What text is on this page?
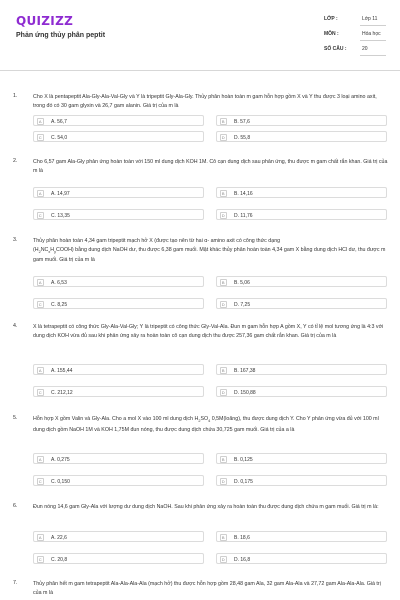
QUIZIZZ
Phản ứng thủy phân peptit
LỚP :	Lớp 11
MÔN :	Hóa học
SỐ CÂU :	20
1.	Cho X là pentapeptit Ala-Gly-Ala-Val-Gly và Y là tripeptit Gly-Ala-Gly. Thủy phân hoàn toàn m gam hỗn hợp gồm X và Y thu được 3 loại amino axit, trong đó có 30 gam glyxin và 26,7 gam alanin. Giá trị của m là
A	A. 56,7	B	B. 57,6
C	C. 54,0	D	D. 55,8
2.	Cho 6,57 gam Ala-Gly phản ứng hoàn toàn với 150 ml dung dịch KOH 1M. Cô cạn dung dịch sau phản ứng, thu được m gam chất rắn khan. Giá trị của m là
A	A. 14,97	B	B. 14,16
C	C. 13,35	D	D. 11,76
3.	Thủy phân hoàn toàn 4,34 gam tripeptit mạch hở X (được tạo nên từ hai α- amino axit có công thức dạng
$(H_2NC_xH_yCOOH)$ bằng dung dịch NaOH dư, thu được 6,38 gam muối. Mặt khác thủy phân hoàn toàn 4,34 gam X bằng dung dịch HCl dư, thu được m gam muối. Giá trị của m là
A	A. 6,53	B	B. 5,06
C	C. 8,25	D	D. 7,25
4.	X là tetrapeptit có công thức Gly-Ala-Val-Gly; Y là tripeptit có công thức Gly-Val-Ala. Đun m gam hỗn hợp A gồm X, Y có tỉ lệ mol tương ứng là 4:3 với dung dịch KOH vừa đủ sau khi phản ứng xảy ra hoàn toàn cô cạn dung dịch thu được 257,36 gam chất rắn khan. Giá trị của m là
A	A. 155,44	B	B. 167,38
C	C. 212,12	D	D. 150,88
5.	Hỗn hợp X gồm Valin và Gly-Ala. Cho a mol X vào 100 ml dung dịch $H_2SO_4$ 0,5M(loãng), thu được dung dịch Y. Cho Y phản ứng vừa đủ với 100 ml dung dịch gồm NaOH 1M và KOH 1,75M đun nóng, thu được dung dịch chứa 30,725 gam muối. Giá trị của a là
A	A. 0,275	B	B. 0,125
C	C. 0,150	D	D. 0,175
6.	Đun nóng 14,6 gam Gly-Ala với lượng dư dung dịch NaOH. Sau khi phản ứng xảy ra hoàn toàn thu được dung dịch chứa m gam muối. Giá trị m là:
A	A. 22,6	B	B. 18,6
C	C. 20,8	D	D. 16,8
7.	Thủy phân hết m gam tetrapeptit Ala-Ala-Ala-Ala (mạch hở) thu được hỗn hợp gồm 28,48 gam Ala, 32 gam Ala-Ala và 27,72 gam Ala-Ala-Ala. Giá trị của m là
